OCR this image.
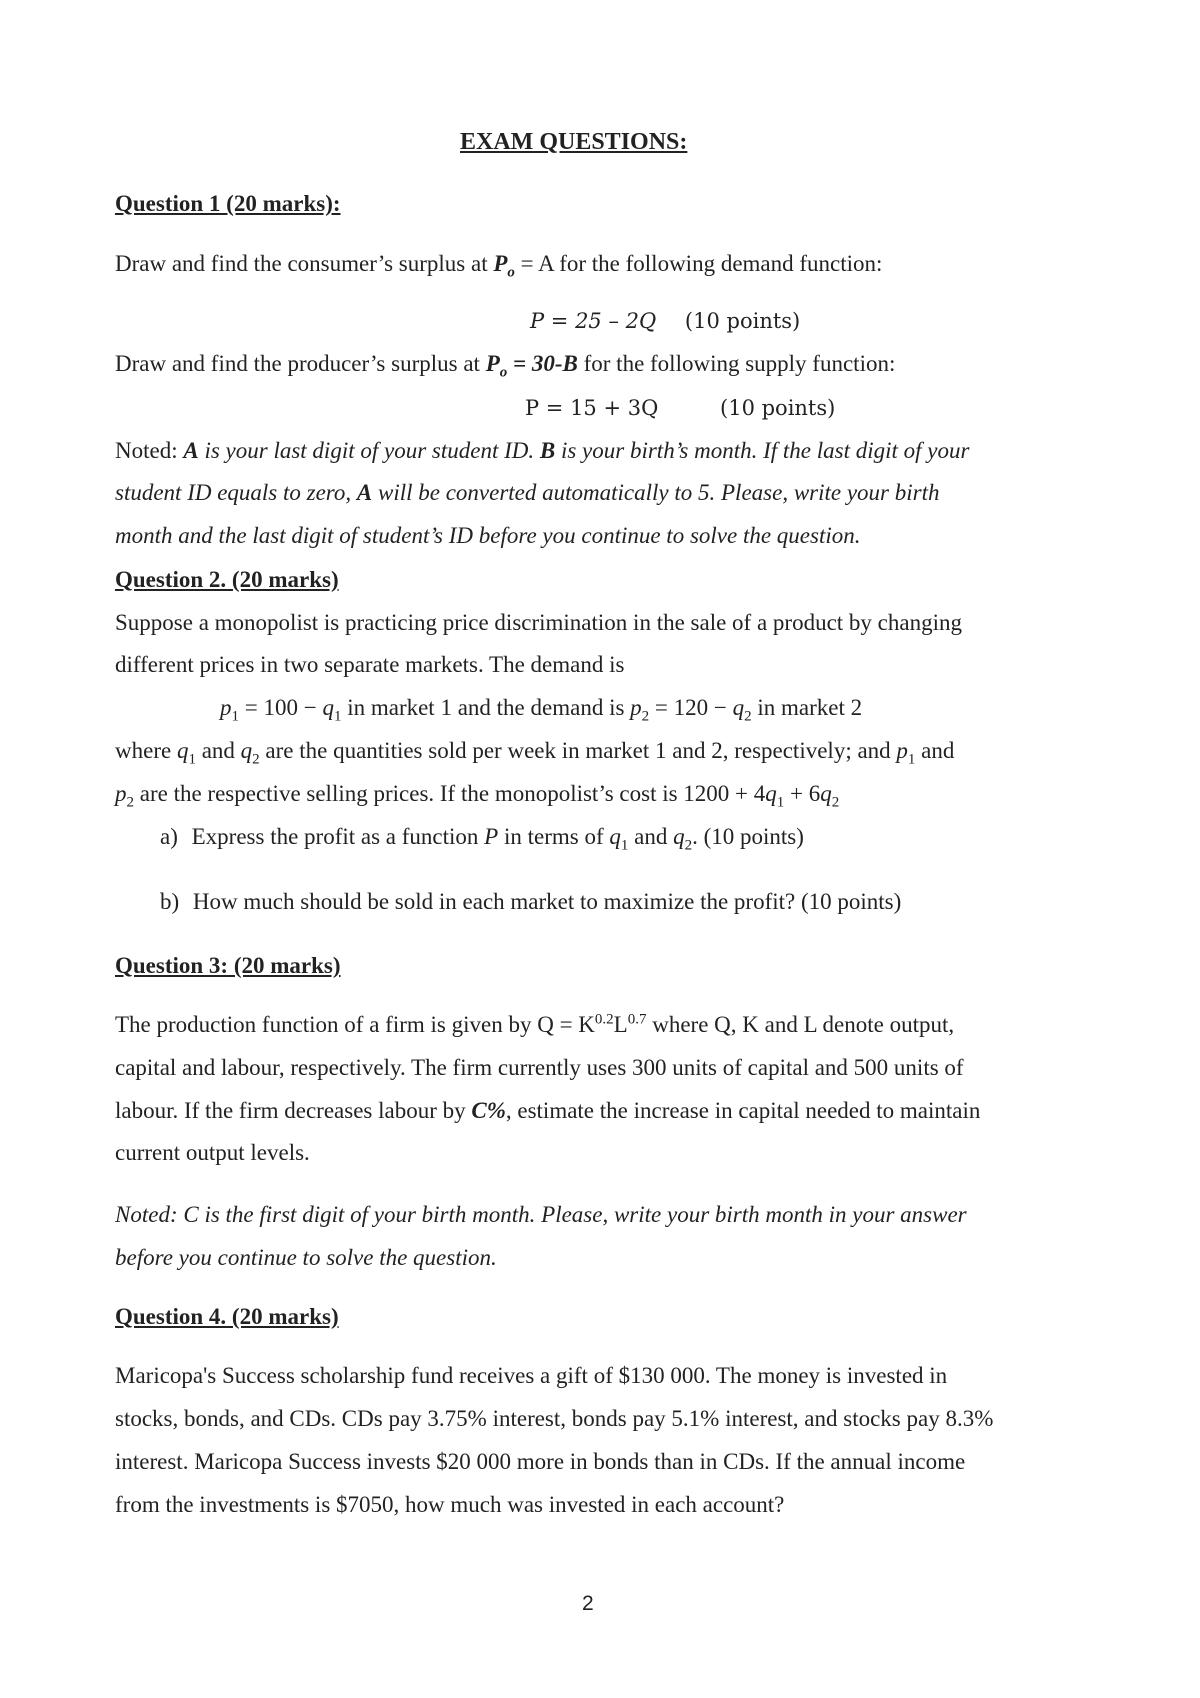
EXAM QUESTIONS:
Question 1 (20 marks):
Draw and find the consumer’s surplus at $P_o = A$ for the following demand function:
P = 25 – 2Q (10 points)
Draw and find the producer’s surplus at $P_o = 30-B$ for the following supply function:
P = 15 + 3Q	(10 points)
Noted: A is your last digit of your student ID. B is your birth’s month. If the last digit of your
student ID equals to zero, A will be converted automatically to 5. Please, write your birth
month and the last digit of student’s ID before you continue to solve the question.
Question 2. (20 marks)
Suppose a monopolist is practicing price discrimination in the sale of a product by changing
different prices in two separate markets. The demand is
$p_1 = 100 - q_1$ in market 1 and the demand is $p_2 = 120 - q_2$ in market 2
where $q_1$ and $q_2$ are the quantities sold per week in market 1 and 2, respectively; and $p_1$ and
$p_2$ are the respective selling prices. If the monopolist’s cost is $1200 + 4q_1 + 6q_2$
a) Express the profit as a function P in terms of $q_1$ and $q_2$. (10 points)
b) How much should be sold in each market to maximize the profit? (10 points)
Question 3: (20 marks)
The production function of a firm is given by $Q = K^{0.2}L^{0.7}$ where Q, K and L denote output,
capital and labour, respectively. The firm currently uses 300 units of capital and 500 units of
labour. If the firm decreases labour by C%, estimate the increase in capital needed to maintain
current output levels.
Noted: C is the first digit of your birth month. Please, write your birth month in your answer
before you continue to solve the question.
Question 4. (20 marks)
Maricopa's Success scholarship fund receives a gift of $130 000. The money is invested in
stocks, bonds, and CDs. CDs pay 3.75% interest, bonds pay 5.1% interest, and stocks pay 8.3%
interest. Maricopa Success invests $20 000 more in bonds than in CDs. If the annual income
from the investments is $7050, how much was invested in each account?
2
